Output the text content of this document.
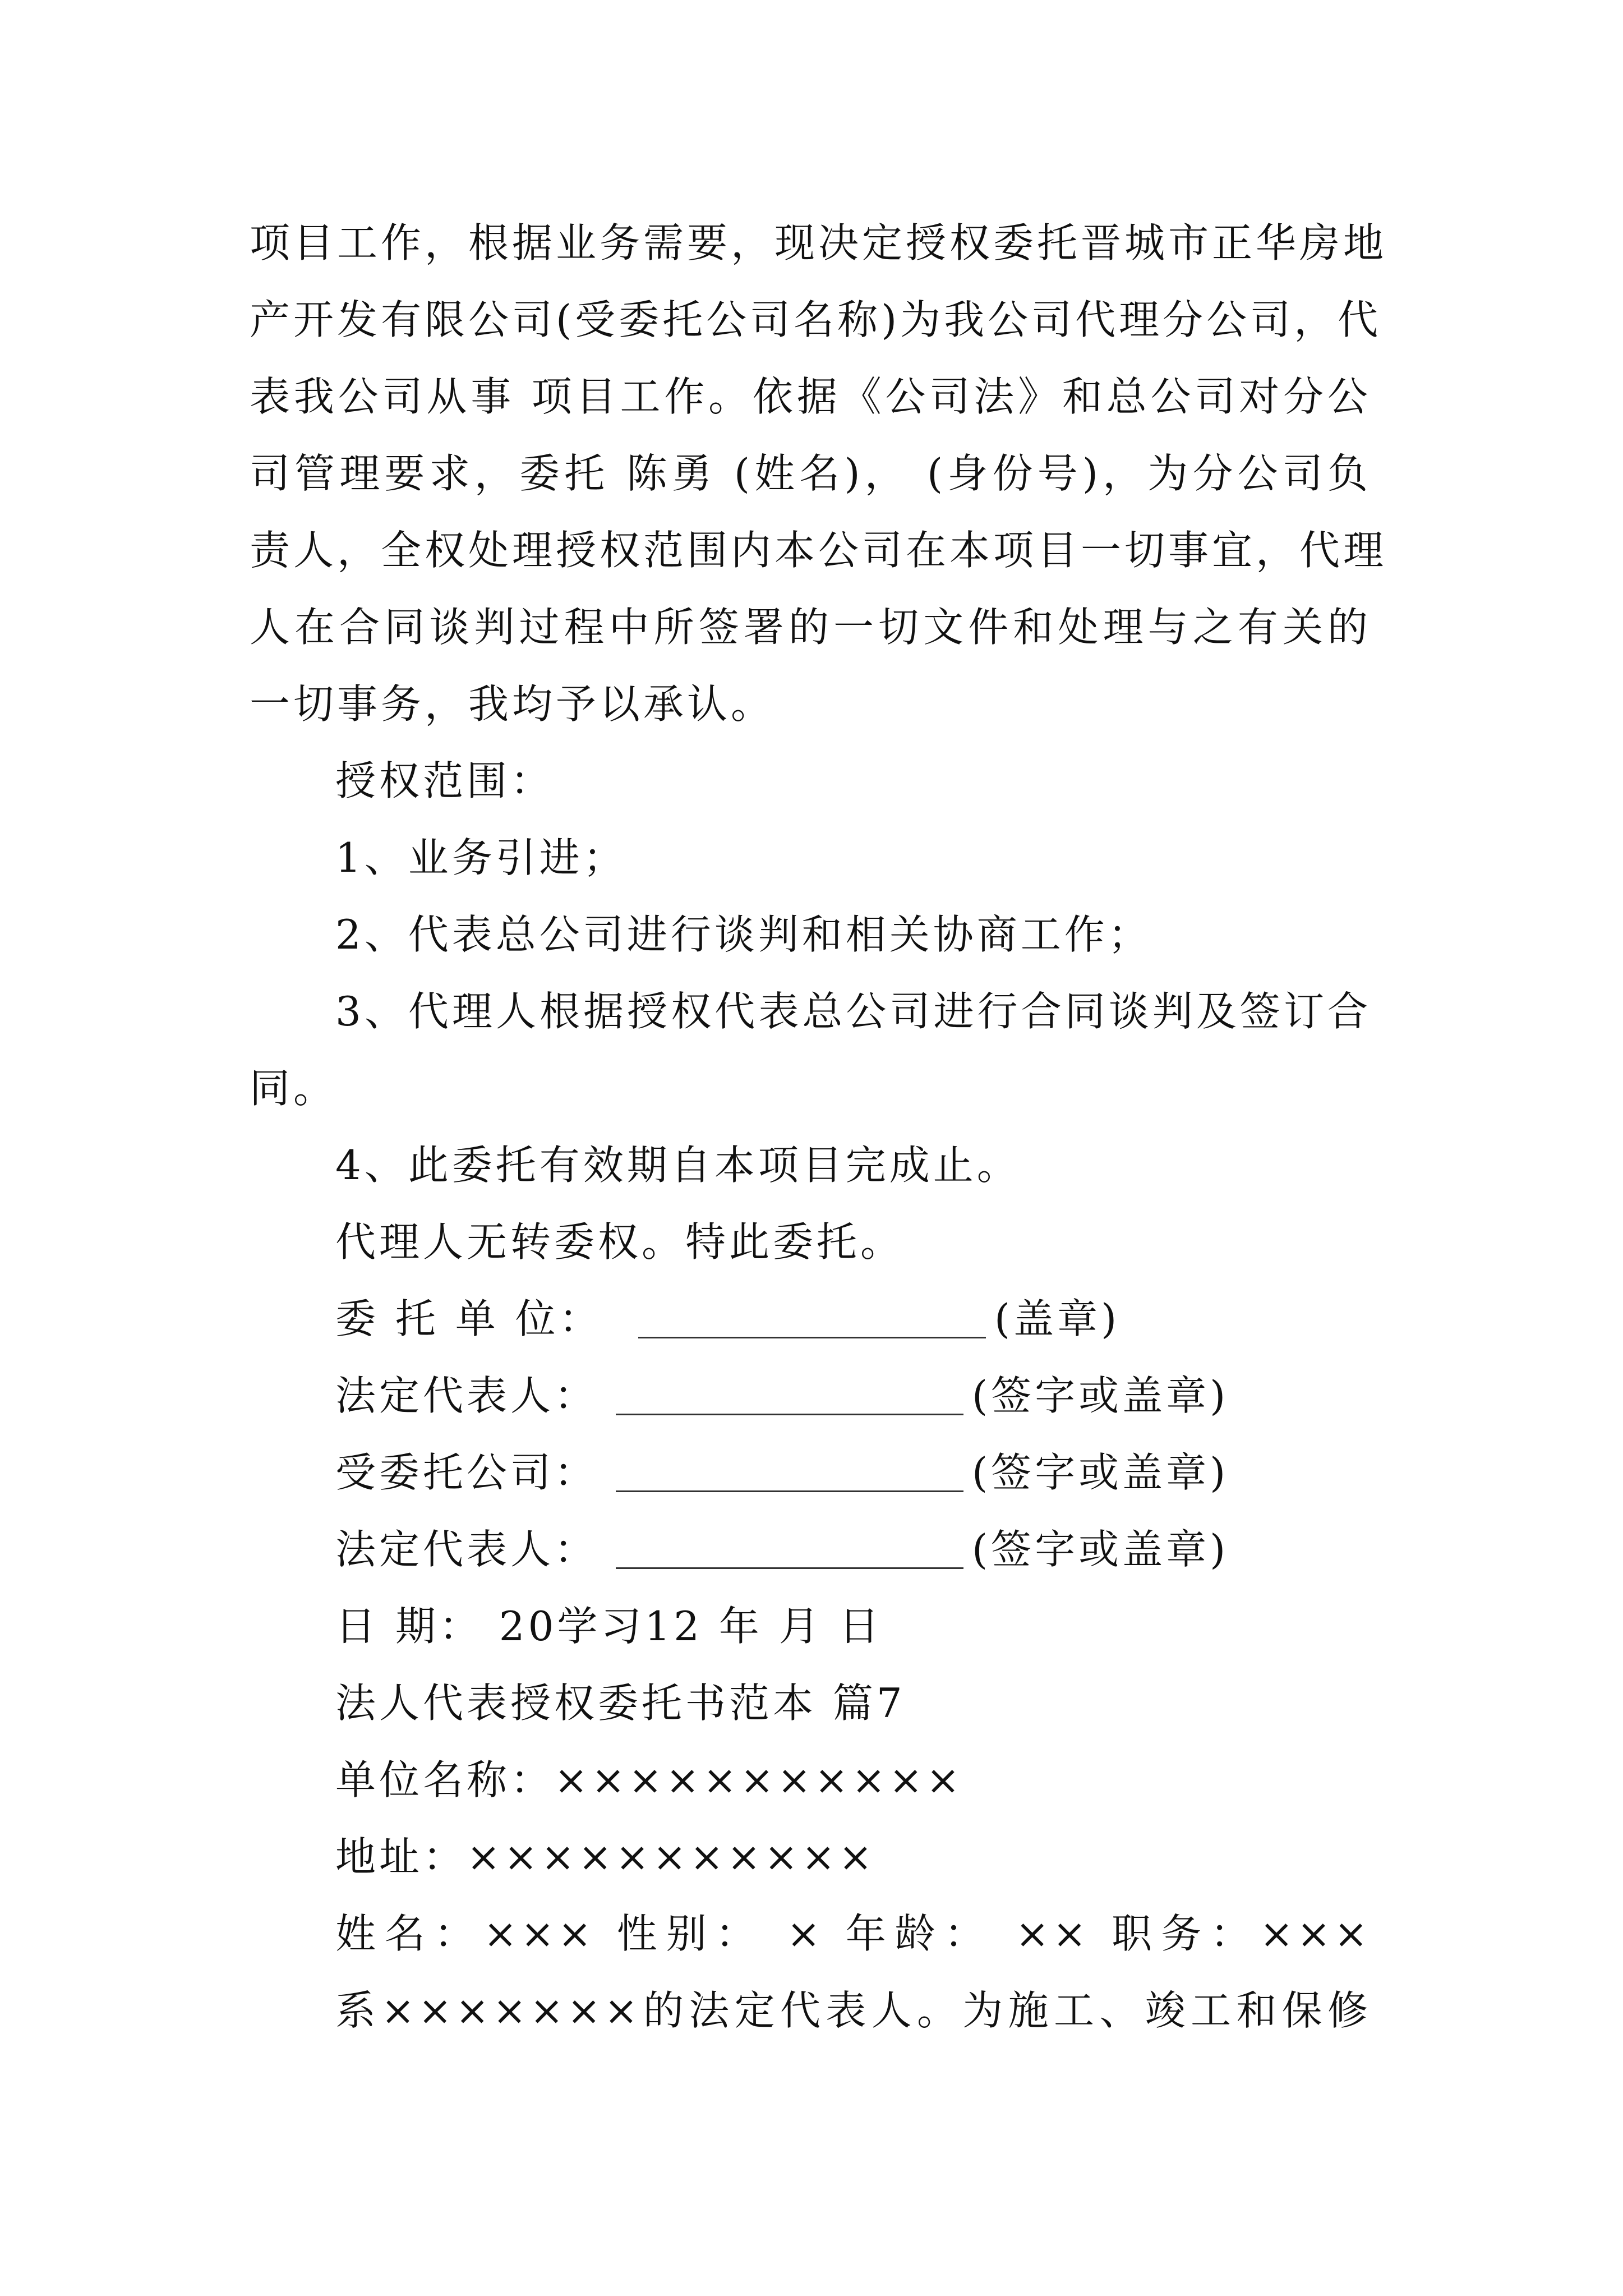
项目工作，根据业务需要，现决定授权委托晋城市正华房地
产开发有限公司(受委托公司名称)为我公司代理分公司，代
表我公司从事 项目工作。依据《公司法》和总公司对分公
司管理要求，委托 陈勇 (姓名)， (身份号)，为分公司负
责人，全权处理授权范围内本公司在本项目一切事宜，代理
人在合同谈判过程中所签署的一切文件和处理与之有关的
一切事务，我均予以承认。
授权范围：
1、业务引进；
2、代表总公司进行谈判和相关协商工作；
3、代理人根据授权代表总公司进行合同谈判及签订合
同。
4、此委托有效期自本项目完成止。
代理人无转委权。特此委托。
委 托 单 位：	(盖章)
法定代表人：	(签字或盖章)
受委托公司：	(签字或盖章)
法定代表人：	(签字或盖章)
日 期： 20学习12 年 月 日
法人代表授权委托书范本 篇7
单位名称：×××××××××××
地址：×××××××××××
姓名：××× 性别： × 年龄： ×× 职务：×××
系×××××××的法定代表人。为施工、竣工和保修
